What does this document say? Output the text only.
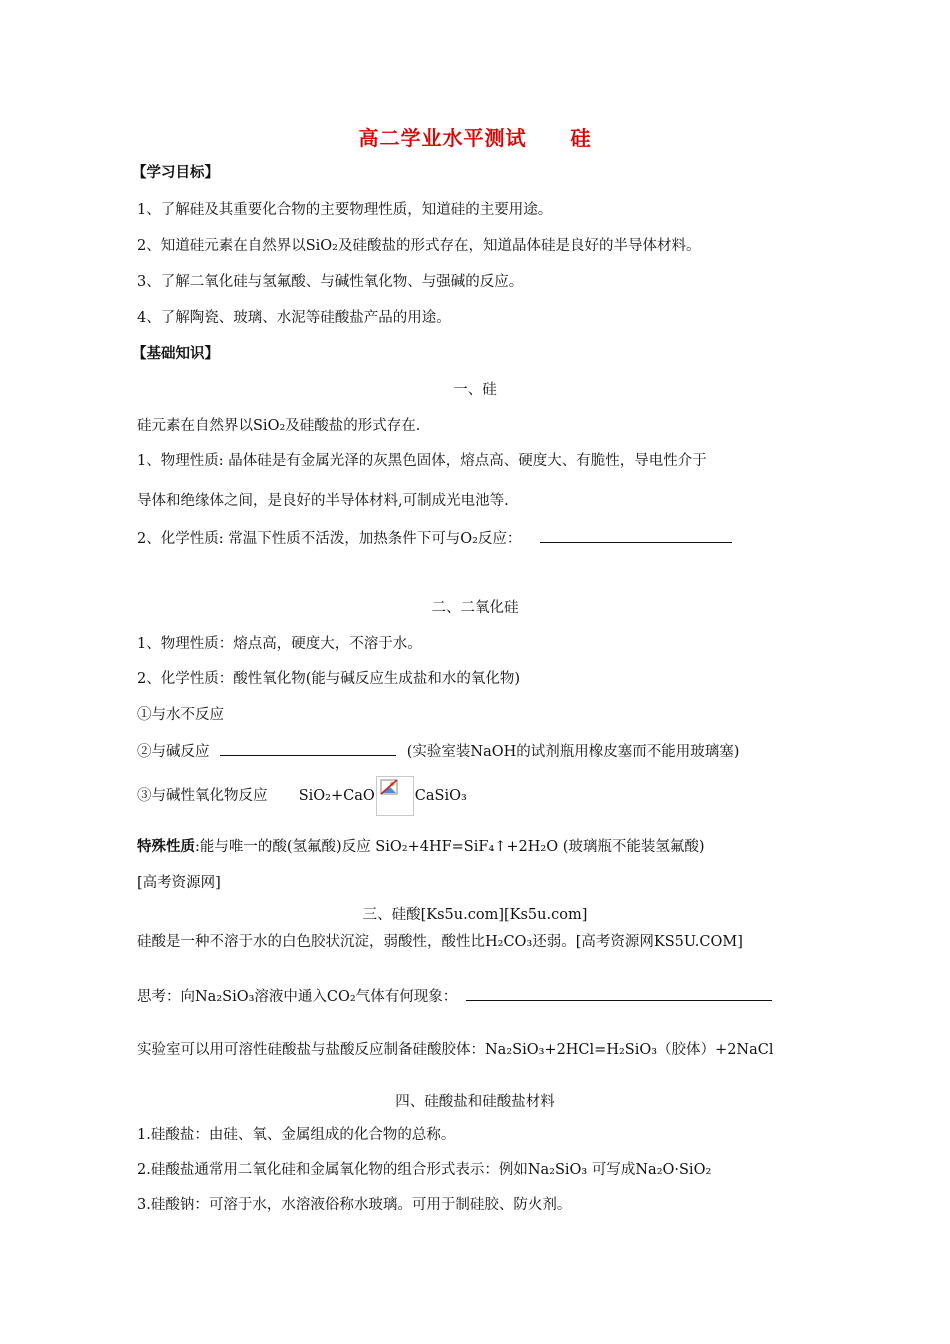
高二学业水平测试 硅
【学习目标】
1、了解硅及其重要化合物的主要物理性质，知道硅的主要用途。
2、知道硅元素在自然界以SiO₂及硅酸盐的形式存在，知道晶体硅是良好的半导体材料。
3、了解二氧化硅与氢氟酸、与碱性氧化物、与强碱的反应。
4、了解陶瓷、玻璃、水泥等硅酸盐产品的用途。
【基础知识】
一、硅
硅元素在自然界以SiO₂及硅酸盐的形式存在.
1、物理性质: 晶体硅是有金属光泽的灰黑色固体，熔点高、硬度大、有脆性，导电性介于
导体和绝缘体之间，是良好的半导体材料,可制成光电池等.
2、化学性质: 常温下性质不活泼，加热条件下可与O₂反应：
二、二氧化硅
1、物理性质：熔点高，硬度大，不溶于水。
2、化学性质：酸性氧化物(能与碱反应生成盐和水的氧化物)
①与水不反应
②与碱反应	(实验室装NaOH的试剂瓶用橡皮塞而不能用玻璃塞)
③与碱性氧化物反应 SiO₂+CaO	CaSiO₃
特殊性质:能与唯一的酸(氢氟酸)反应 SiO₂+4HF=SiF₄↑+2H₂O (玻璃瓶不能装氢氟酸)
[高考资源网]
三、硅酸[Ks5u.com][Ks5u.com]
硅酸是一种不溶于水的白色胶状沉淀，弱酸性，酸性比H₂CO₃还弱。[高考资源网KS5U.COM]
思考：向Na₂SiO₃溶液中通入CO₂气体有何现象：
实验室可以用可溶性硅酸盐与盐酸反应制备硅酸胶体：Na₂SiO₃+2HCl=H₂SiO₃（胶体）+2NaCl
四、硅酸盐和硅酸盐材料
1.硅酸盐：由硅、氧、金属组成的化合物的总称。
2.硅酸盐通常用二氧化硅和金属氧化物的组合形式表示：例如Na₂SiO₃ 可写成Na₂O·SiO₂
3.硅酸钠：可溶于水，水溶液俗称水玻璃。可用于制硅胶、防火剂。
